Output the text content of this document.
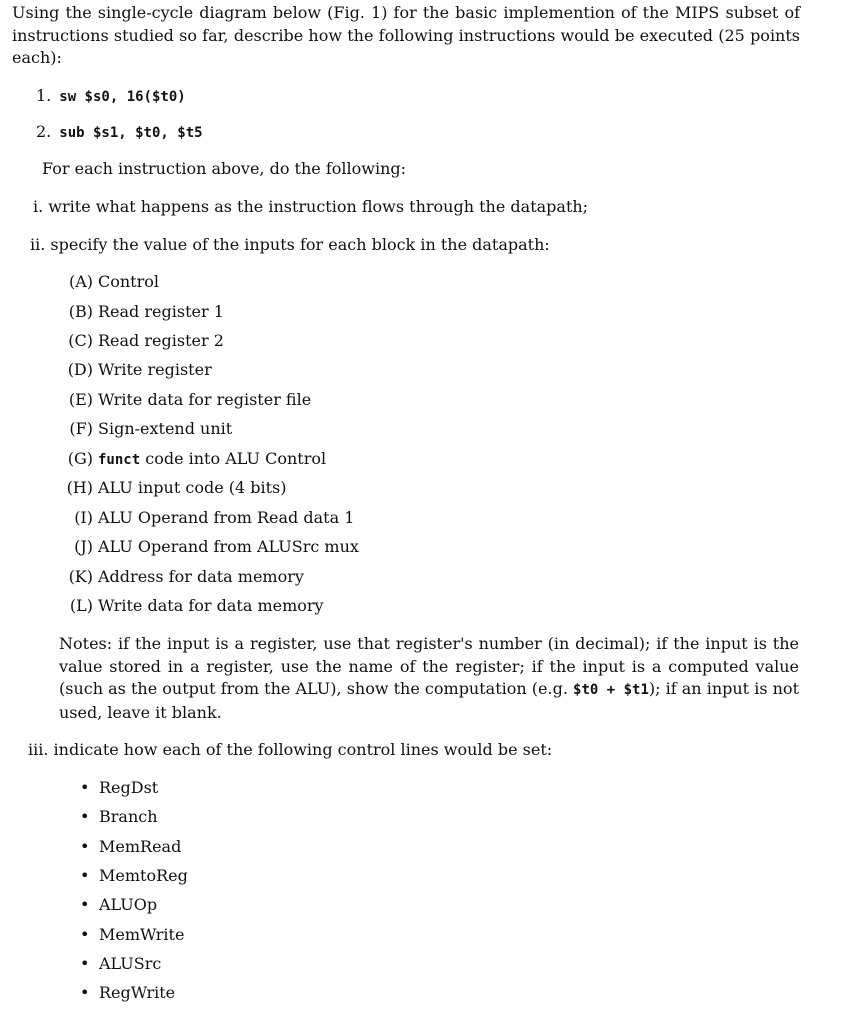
Using the single-cycle diagram below (Fig. 1) for the basic implemention of the MIPS subset of instructions studied so far, describe how the following instructions would be executed (25 points each):
1. sw $s0, 16($t0)
2. sub $s1, $t0, $t5
For each instruction above, do the following:
i. write what happens as the instruction flows through the datapath;
ii. specify the value of the inputs for each block in the datapath:
(A) Control
(B) Read register 1
(C) Read register 2
(D) Write register
(E) Write data for register file
(F) Sign-extend unit
(G) funct code into ALU Control
(H) ALU input code (4 bits)
(I) ALU Operand from Read data 1
(J) ALU Operand from ALUSrc mux
(K) Address for data memory
(L) Write data for data memory
Notes: if the input is a register, use that register's number (in decimal); if the input is the value stored in a register, use the name of the register; if the input is a computed value (such as the output from the ALU), show the computation (e.g. $t0 + $t1); if an input is not used, leave it blank.
iii. indicate how each of the following control lines would be set:
• RegDst
• Branch
• MemRead
• MemtoReg
• ALUOp
• MemWrite
• ALUSrc
• RegWrite
